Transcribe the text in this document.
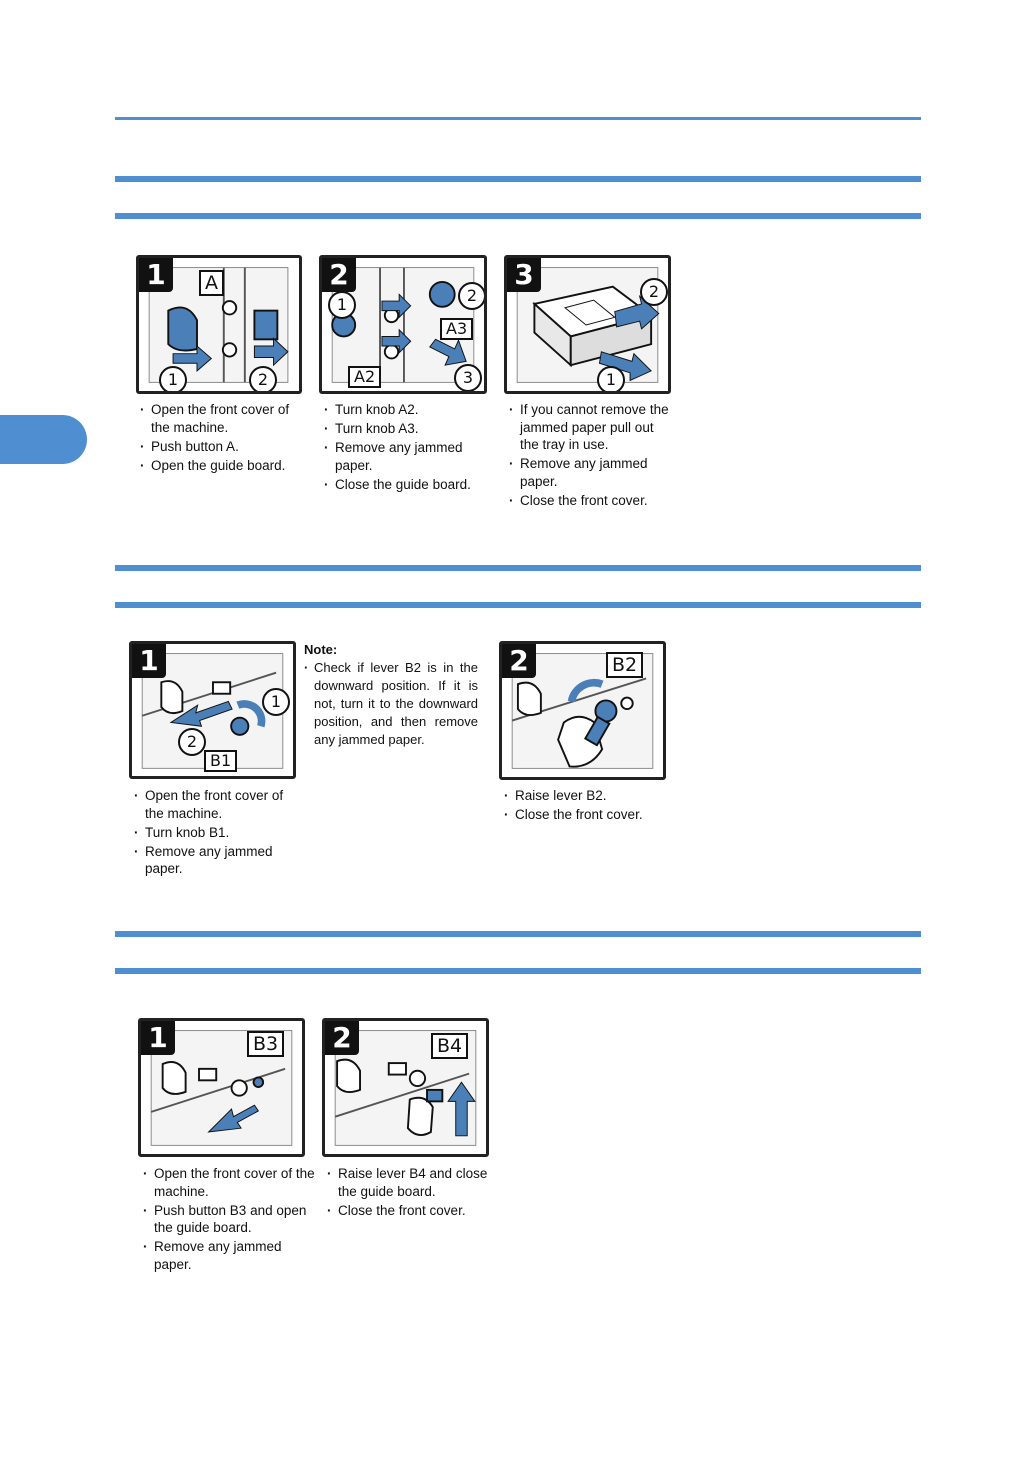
1	A
1	2
2
A2
A3
1	2
3
3
2
1
· Open the front cover of the machine.
· Push button A.
· Open the guide board.
· Turn knob A2.
· Turn knob A3.
· Remove any jammed paper.
· Close the guide board.
· If you cannot remove the jammed paper pull out the tray in use.
· Remove any jammed paper.
· Close the front cover.
1
B1
1
2
Note:
· Check if lever B2 is in the downward position. If it is not, turn it to the downward position, and then remove any jammed paper.
2	B2
· Open the front cover of the machine.
· Turn knob B1.
· Remove any jammed paper.
· Raise lever B2.
· Close the front cover.
1	B3 2	B4
· Open the front cover of the machine.
· Push button B3 and open the guide board.
· Remove any jammed paper.
· Raise lever B4 and close the guide board.
· Close the front cover.
